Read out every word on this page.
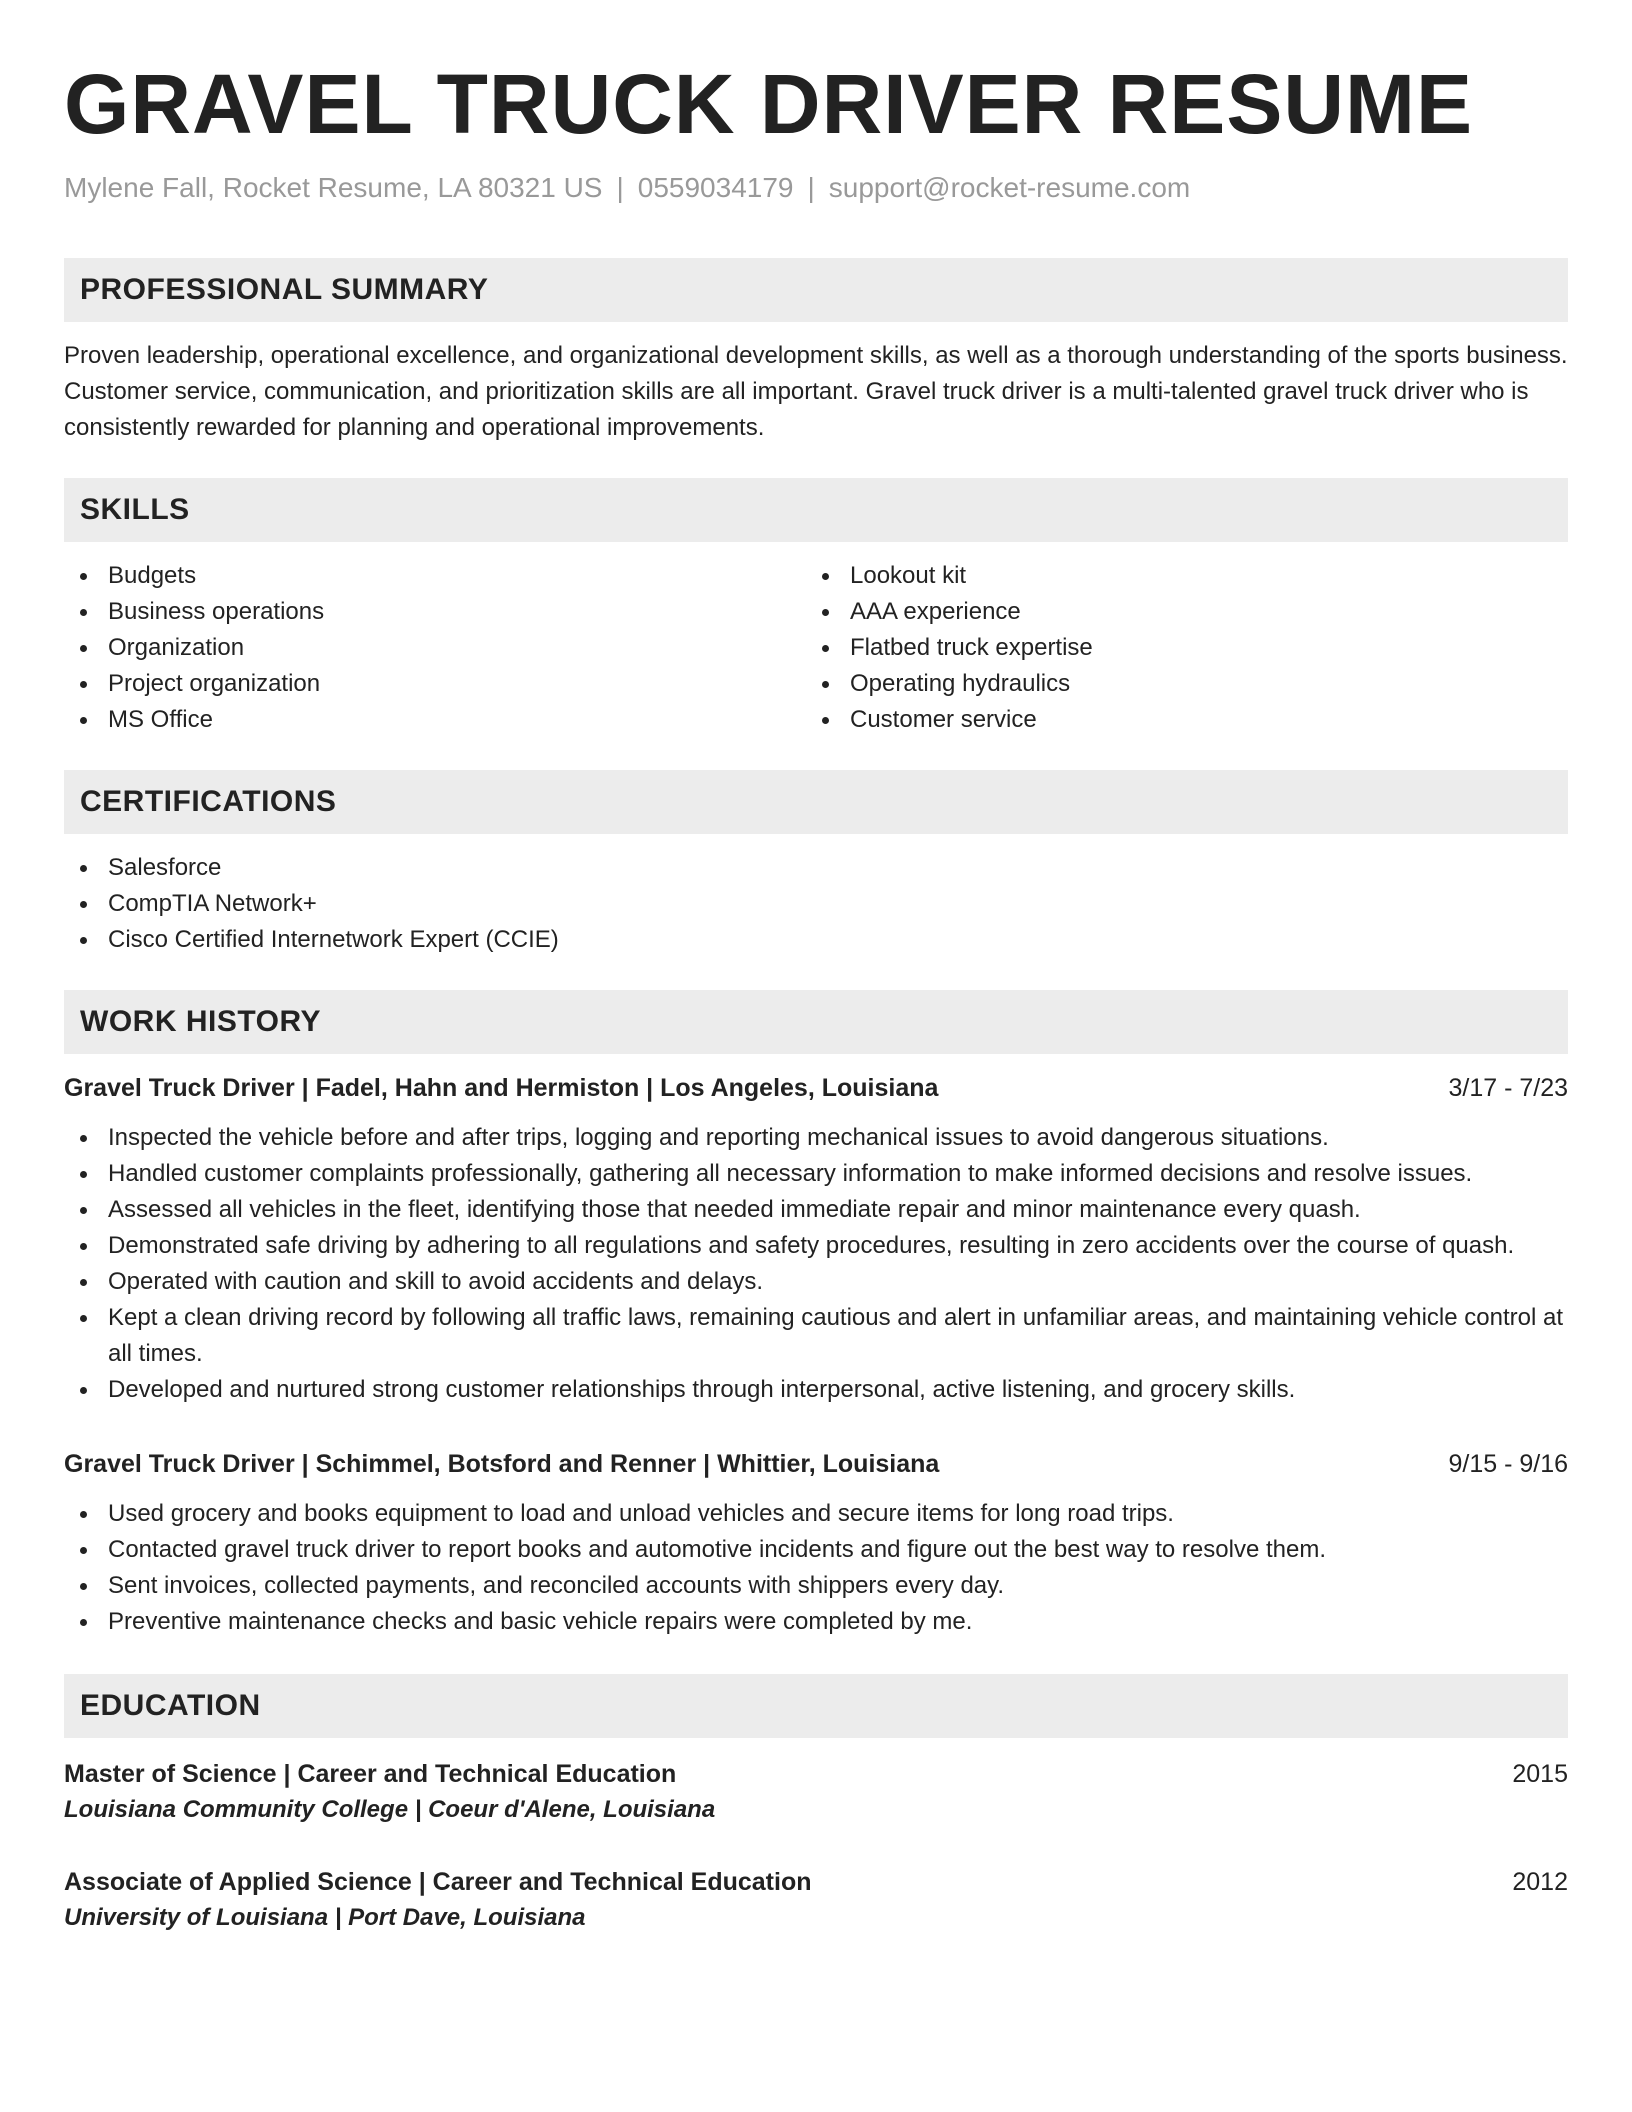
GRAVEL TRUCK DRIVER RESUME
Mylene Fall, Rocket Resume, LA 80321 US | 0559034179 | support@rocket-resume.com
PROFESSIONAL SUMMARY
Proven leadership, operational excellence, and organizational development skills, as well as a thorough understanding of the sports business. Customer service, communication, and prioritization skills are all important. Gravel truck driver is a multi-talented gravel truck driver who is consistently rewarded for planning and operational improvements.
SKILLS
Budgets
Business operations
Organization
Project organization
MS Office
Lookout kit
AAA experience
Flatbed truck expertise
Operating hydraulics
Customer service
CERTIFICATIONS
Salesforce
CompTIA Network+
Cisco Certified Internetwork Expert (CCIE)
WORK HISTORY
Gravel Truck Driver | Fadel, Hahn and Hermiston | Los Angeles, Louisiana	3/17 - 7/23
Inspected the vehicle before and after trips, logging and reporting mechanical issues to avoid dangerous situations.
Handled customer complaints professionally, gathering all necessary information to make informed decisions and resolve issues.
Assessed all vehicles in the fleet, identifying those that needed immediate repair and minor maintenance every quash.
Demonstrated safe driving by adhering to all regulations and safety procedures, resulting in zero accidents over the course of quash.
Operated with caution and skill to avoid accidents and delays.
Kept a clean driving record by following all traffic laws, remaining cautious and alert in unfamiliar areas, and maintaining vehicle control at all times.
Developed and nurtured strong customer relationships through interpersonal, active listening, and grocery skills.
Gravel Truck Driver | Schimmel, Botsford and Renner | Whittier, Louisiana	9/15 - 9/16
Used grocery and books equipment to load and unload vehicles and secure items for long road trips.
Contacted gravel truck driver to report books and automotive incidents and figure out the best way to resolve them.
Sent invoices, collected payments, and reconciled accounts with shippers every day.
Preventive maintenance checks and basic vehicle repairs were completed by me.
EDUCATION
Master of Science | Career and Technical Education	2015
Louisiana Community College | Coeur d'Alene, Louisiana
Associate of Applied Science | Career and Technical Education	2012
University of Louisiana | Port Dave, Louisiana
